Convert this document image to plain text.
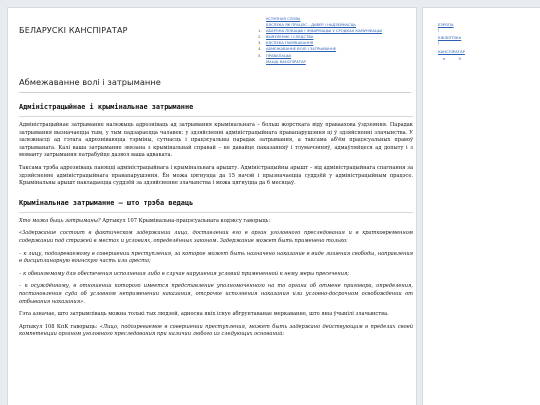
БЕЛАРУСКІ КАНСПІРАТАР
УСТУПНАЯ СЛОВА
БЯСПЕКА ЯК ПРАЦЭС – ДАВЕР І НАДЗЕЙНАСЦЬ
1.	АБАРОНА ЛОКАЦЫІ І ІНФАРМАЦЫІ У СРОДКАХ КАМУНІКАЦЫІ
2.	ВЫЯЎЛЕННЕ І СЛЕДСТВА
3.	БЯСПЕКА ПАМЯШКАННЯ
4.	АБМЕЖАВАННЕ ВОЛІ І ЗАТРЫМАННЕ
5.	ПРАВАПАЦЫІ
МАЦЦІ КАНСПІРАТАР
Абмежаванне волі і затрыманне
Адміністрацыйнае і крымінальнае затрыманне

Адміністрацыйнае затрыманне належыць адрозніваць ад затрымання крымінальнага – больш жорсткага віду праваахова ўздзеяння. Парадак затрымання вызначаецца тым, у тым падзараецца чалавек: у здзяйсненні адміністрацыйнага правапарушэння ці ў здзяйсненні злачынства. У залежнасці ад гэтага адрозніваюцца тэрміны, сутнасць і працэсуальны парадак затрымання, а таксама аб'ём працэсуальных правоў затрыманага. Калі ваша затрыманне звязана з крымінальнай справай – не давайце паказанняў і тлумачэнняў, адмаўляйцеся ад допыту і з моманту затрымання патрабуйце дазвол ваша адваката.

Таксама трэба адрозніваць паняцці адміністрацыйнага і крымінальнага арышту. Адміністрацыйны арышт – від адміністрацыйнага спагнання за здзяйсненне адміністрацыйнага правапарушэння. Ён можа цягнуцца да 15 начэй і прызначаецца суддзёй у адміністрацыйным працэсе. Крымінальны арышт накладаецца суддзёй за здзяйсненне злачынства і можа цягнуцца да 6 месяцаў.

Крымінальнае затрыманне – што трэба ведаць

Хто можа быць затрыманы? Артыкул 107 Крымінальна-працэсуальнага кодэксу гаворыць:

«Задержание состоит в фактическом задержании лица, доставлении его в орган уголовного преследования и в кратковременном содержании под стражей в местах и условиях, определённых законом. Задержание может быть применено только:

– к лицу, подозреваемому в совершении преступления, за которое может быть назначено наказание в виде лишения свободы, направления в дисциплинарную воинскую часть или ареста;

– к обвиняемому для обеспечения исполнения либо в случае нарушения условий примененной к нему меры пресечения;

– к осуждённому, в отношении которого имеется представление уполномоченного на то органа об отмене приговора, определения, постановления суда об условном неприменении наказания, отсрочке исполнения наказания или условно-досрочном освобождении от отбывания наказания».

Гэта азначае, што затрымліваць можна толькі тых людзей, адносна якіх існуе абгрунтаванае меркаванне, што яны ўчынілі злачынства.

Артыкул 108 КпК гаворыць: «Лицо, подозреваемое в совершении преступления, может быть задержано действующим в пределах своей компетенции органом уголовного преследования при наличии любого из следующих оснований:

ЕЗРОПА
|
БІБЛІЯТЭКА
|
КАНСПІРАТАР
e 9
